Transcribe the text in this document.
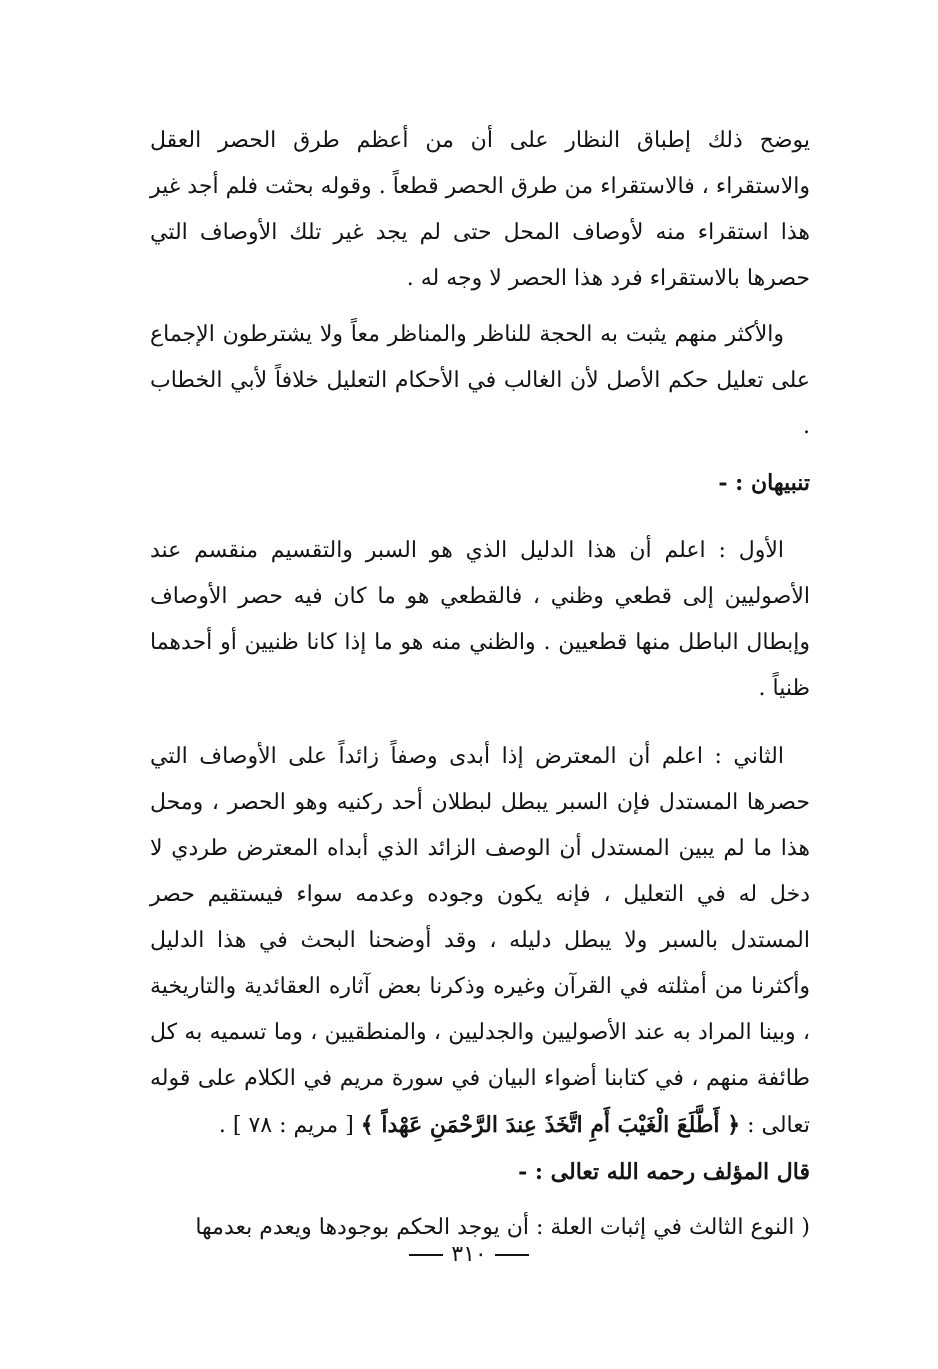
يوضح ذلك إطباق النظار على أن من أعظم طرق الحصر العقل والاستقراء ، فالاستقراء من طرق الحصر قطعاً . وقوله بحثت فلم أجد غير هذا استقراء منه لأوصاف المحل حتى لم يجد غير تلك الأوصاف التي حصرها بالاستقراء فرد هذا الحصر لا وجه له .

والأكثر منهم يثبت به الحجة للناظر والمناظر معاً ولا يشترطون الإجماع على تعليل حكم الأصل لأن الغالب في الأحكام التعليل خلافاً لأبي الخطاب .

تنبيهان : -

الأول : اعلم أن هذا الدليل الذي هو السبر والتقسيم منقسم عند الأصوليين إلى قطعي وظني ، فالقطعي هو ما كان فيه حصر الأوصاف وإبطال الباطل منها قطعيين . والظني منه هو ما إذا كانا ظنيين أو أحدهما ظنياً .

الثاني : اعلم أن المعترض إذا أبدى وصفاً زائداً على الأوصاف التي حصرها المستدل فإن السبر يبطل لبطلان أحد ركنيه وهو الحصر ، ومحل هذا ما لم يبين المستدل أن الوصف الزائد الذي أبداه المعترض طردي لا دخل له في التعليل ، فإنه يكون وجوده وعدمه سواء فيستقيم حصر المستدل بالسبر ولا يبطل دليله ، وقد أوضحنا البحث في هذا الدليل وأكثرنا من أمثلته في القرآن وغيره وذكرنا بعض آثاره العقائدية والتاريخية ، وبينا المراد به عند الأصوليين والجدليين ، والمنطقيين ، وما تسميه به كل طائفة منهم ، في كتابنا أضواء البيان في سورة مريم في الكلام على قوله تعالى : ﴿ أَطَّلَعَ الْغَيْبَ أَمِ اتَّخَذَ عِندَ الرَّحْمَنِ عَهْداً ﴾ [ مريم : ٧٨ ] .

قال المؤلف رحمه الله تعالى : -

( النوع الثالث في إثبات العلة : أن يوجد الحكم بوجودها ويعدم بعدمها

٣١٠
